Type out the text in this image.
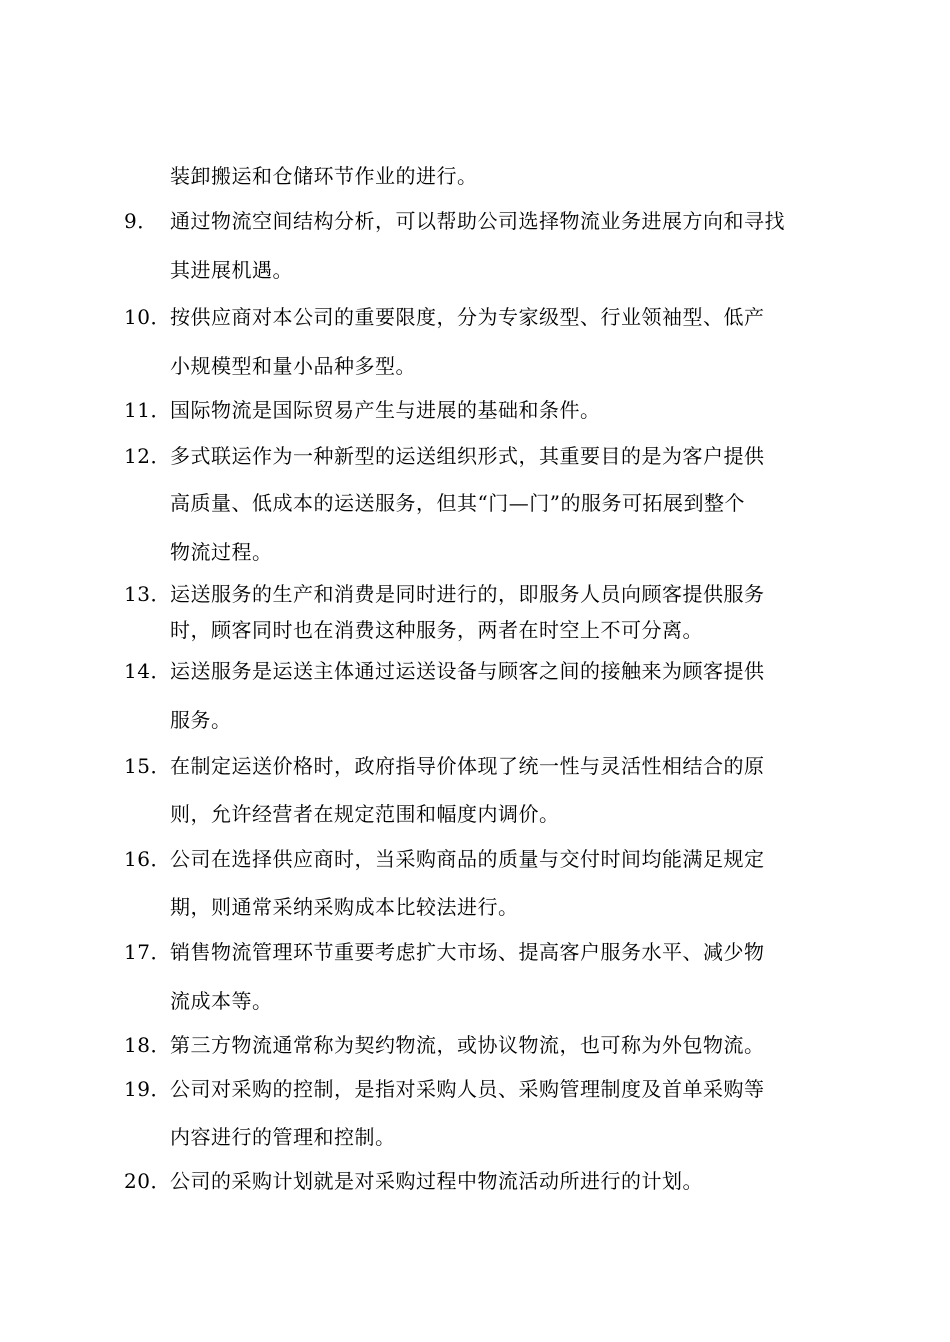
装卸搬运和仓储环节作业的进行。
9． 通过物流空间结构分析，可以帮助公司选择物流业务进展方向和寻找
其进展机遇。
10．按供应商对本公司的重要限度，分为专家级型、行业领袖型、低产
小规模型和量小品种多型。
11．国际物流是国际贸易产生与进展的基础和条件。
12．多式联运作为一种新型的运送组织形式，其重要目的是为客户提供
高质量、低成本的运送服务，但其“门—门”的服务可拓展到整个
物流过程。
13．运送服务的生产和消费是同时进行的，即服务人员向顾客提供服务
时，顾客同时也在消费这种服务，两者在时空上不可分离。
14．运送服务是运送主体通过运送设备与顾客之间的接触来为顾客提供
服务。
15．在制定运送价格时，政府指导价体现了统一性与灵活性相结合的原
则，允许经营者在规定范围和幅度内调价。
16．公司在选择供应商时，当采购商品的质量与交付时间均能满足规定
期，则通常采纳采购成本比较法进行。
17．销售物流管理环节重要考虑扩大市场、提高客户服务水平、减少物
流成本等。
18．第三方物流通常称为契约物流，或协议物流，也可称为外包物流。
19．公司对采购的控制，是指对采购人员、采购管理制度及首单采购等
内容进行的管理和控制。
20．公司的采购计划就是对采购过程中物流活动所进行的计划。
